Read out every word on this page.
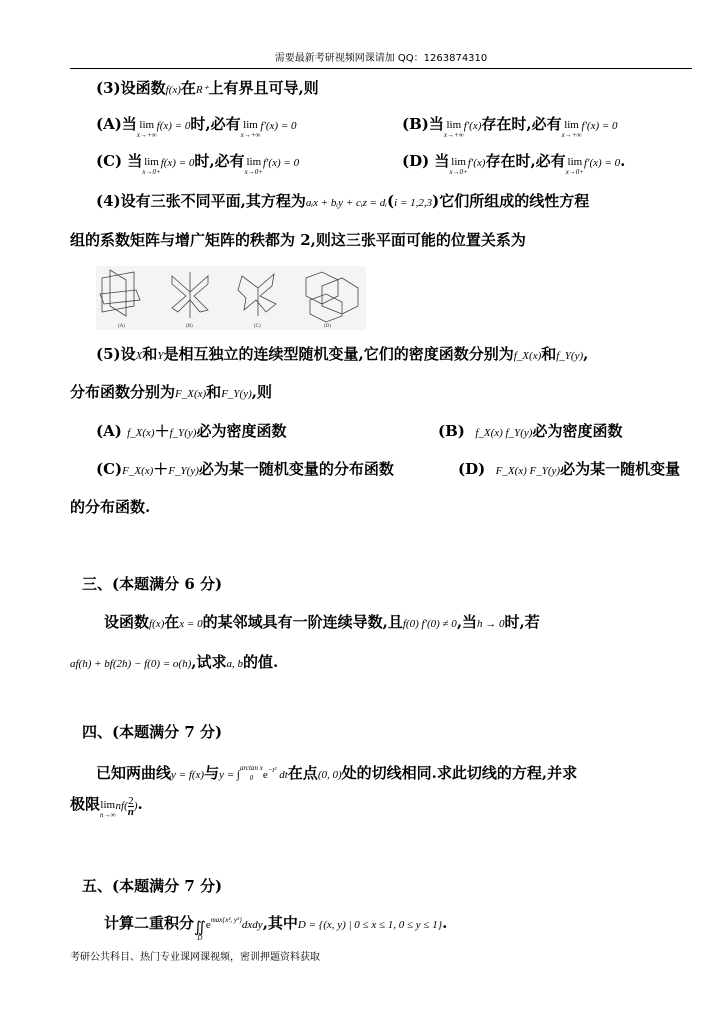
需要最新考研视频网课请加 QQ：1263874310
(3)设函数f(x)在R⁺上有界且可导,则
(A)当 lim
x→+∞
f(x) = 0时,必有 lim
x→+∞
f′(x) = 0	(B)当 lim
x→+∞
f′(x)存在时,必有 lim
x→+∞
f′(x) = 0
(C) 当 lim
x→0+
f(x) = 0时,必有 lim
x→0+
f′(x) = 0	(D) 当 lim
x→0+
f′(x)存在时,必有 lim
x→0+
f′(x) = 0.
(4)设有三张不同平面,其方程为aᵢx + bᵢy + cᵢz = dᵢ(i = 1,2,3)它们所组成的线性方程
组的系数矩阵与增广矩阵的秩都为 2,则这三张平面可能的位置关系为
(A)	(B)	(C)	(D)
(5)设X和Y是相互独立的连续型随机变量,它们的密度函数分别为f_X(x)和f_Y(y),
分布函数分别为F_X(x)和F_Y(y),则
(A) f_X(x)＋f_Y(y)必为密度函数	(B) f_X(x) f_Y(y)必为密度函数
(C)F_X(x)＋F_Y(y)必为某一随机变量的分布函数	(D) F_X(x) F_Y(y)必为某一随机变量
的分布函数.
三、(本题满分 6 分)
设函数f(x)在x = 0的某邻域具有一阶连续导数,且f(0) f′(0) ≠ 0,当h → 0时,若
af(h) + bf(2h) − f(0) = o(h),试求a, b的值.
四、(本题满分 7 分)
已知两曲线y = f(x)与y = ∫
arctan x
0 $e^{-t^2}$ dt在点(0, 0)处的切线相同.求此切线的方程,并求
极限 lim
n→∞
$nf( \frac{2}{n}$ ).
五、(本题满分 7 分)
计算二重积分 ∬
D
$e^{max\{x^2, y^2\}}dxdy$,其中D = {(x, y) | 0 ≤ x ≤ 1, 0 ≤ y ≤ 1}.
考研公共科目、热门专业课网课视频，密训押题资料获取
